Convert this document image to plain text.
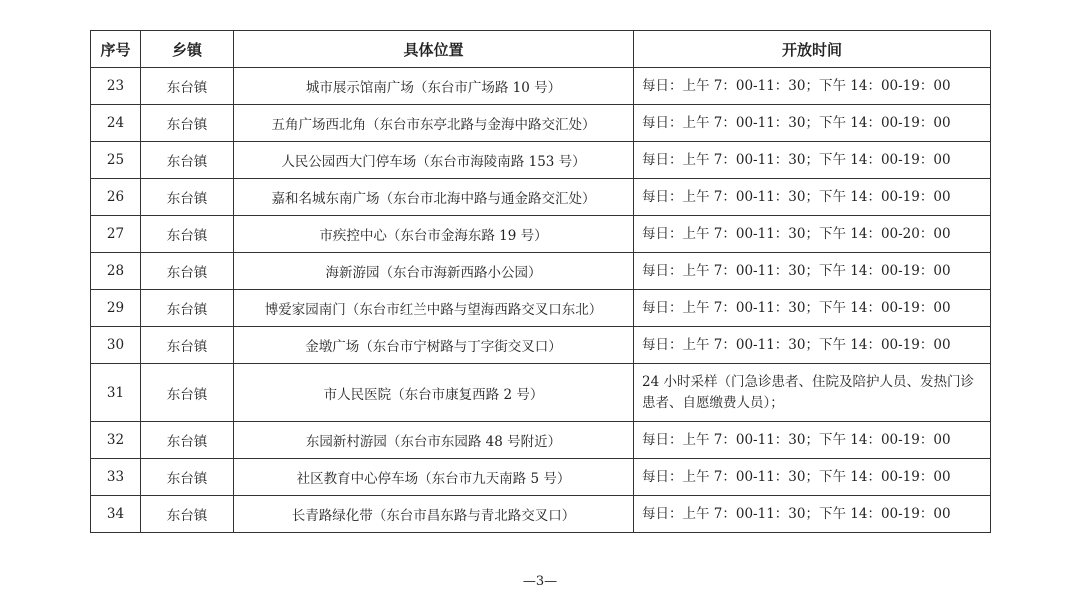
序号	乡镇	具体位置	开放时间
23	东台镇	城市展示馆南广场（东台市广场路 10 号）	每日：上午 7：00-11：30；下午 14：00-19：00
24	东台镇	五角广场西北角（东台市东亭北路与金海中路交汇处）	每日：上午 7：00-11：30；下午 14：00-19：00
25	东台镇	人民公园西大门停车场（东台市海陵南路 153 号）	每日：上午 7：00-11：30；下午 14：00-19：00
26	东台镇	嘉和名城东南广场（东台市北海中路与通金路交汇处）	每日：上午 7：00-11：30；下午 14：00-19：00
27	东台镇	市疾控中心（东台市金海东路 19 号）	每日：上午 7：00-11：30；下午 14：00-20：00
28	东台镇	海新游园（东台市海新西路小公园）	每日：上午 7：00-11：30；下午 14：00-19：00
29	东台镇	博爱家园南门（东台市红兰中路与望海西路交叉口东北）	每日：上午 7：00-11：30；下午 14：00-19：00
30	东台镇	金墩广场（东台市宁树路与丁字街交叉口）	每日：上午 7：00-11：30；下午 14：00-19：00
31	东台镇	市人民医院（东台市康复西路 2 号）	24 小时采样（门急诊患者、住院及陪护人员、发热门诊患者、自愿缴费人员）；
32	东台镇	东园新村游园（东台市东园路 48 号附近）	每日：上午 7：00-11：30；下午 14：00-19：00
33	东台镇	社区教育中心停车场（东台市九天南路 5 号）	每日：上午 7：00-11：30；下午 14：00-19：00
34	东台镇	长青路绿化带（东台市昌东路与青北路交叉口）	每日：上午 7：00-11：30；下午 14：00-19：00
—3—
